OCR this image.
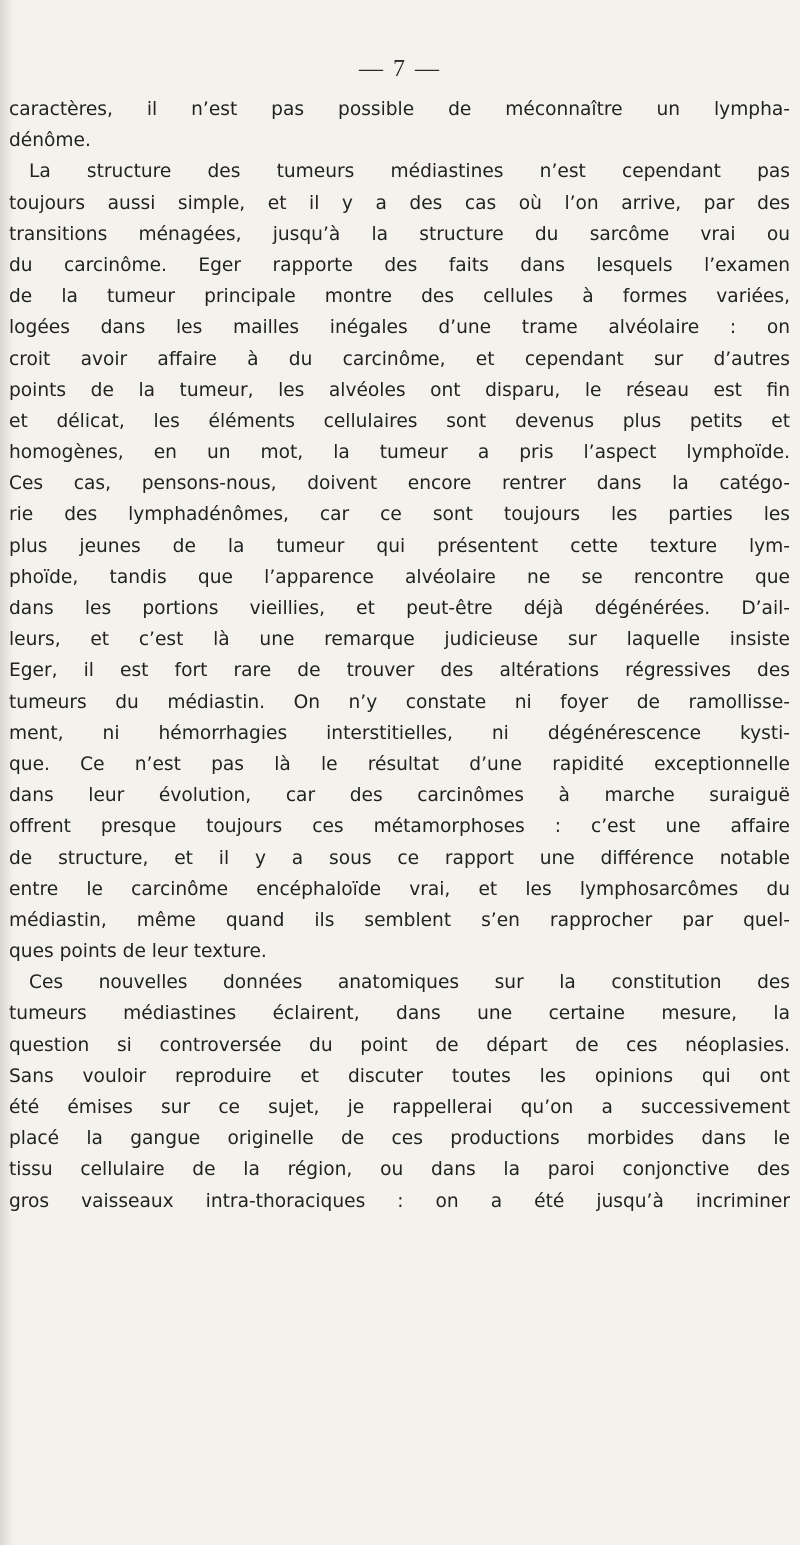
— 7 —
caractères, il n’est pas possible de méconnaître un lympha-
dénôme.
La structure des tumeurs médiastines n’est cependant pas
toujours aussi simple, et il y a des cas où l’on arrive, par des
transitions ménagées, jusqu’à la structure du sarcôme vrai ou
du carcinôme. Eger rapporte des faits dans lesquels l’examen
de la tumeur principale montre des cellules à formes variées,
logées dans les mailles inégales d’une trame alvéolaire : on
croit avoir affaire à du carcinôme, et cependant sur d’autres
points de la tumeur, les alvéoles ont disparu, le réseau est fin
et délicat, les éléments cellulaires sont devenus plus petits et
homogènes, en un mot, la tumeur a pris l’aspect lymphoïde.
Ces cas, pensons-nous, doivent encore rentrer dans la catégo-
rie des lymphadénômes, car ce sont toujours les parties les
plus jeunes de la tumeur qui présentent cette texture lym-
phoïde, tandis que l’apparence alvéolaire ne se rencontre que
dans les portions vieillies, et peut-être déjà dégénérées. D’ail-
leurs, et c’est là une remarque judicieuse sur laquelle insiste
Eger, il est fort rare de trouver des altérations régressives des
tumeurs du médiastin. On n’y constate ni foyer de ramollisse-
ment, ni hémorrhagies interstitielles, ni dégénérescence kysti-
que. Ce n’est pas là le résultat d’une rapidité exceptionnelle
dans leur évolution, car des carcinômes à marche suraiguë
offrent presque toujours ces métamorphoses : c’est une affaire
de structure, et il y a sous ce rapport une différence notable
entre le carcinôme encéphaloïde vrai, et les lymphosarcômes du
médiastin, même quand ils semblent s’en rapprocher par quel-
ques points de leur texture.
Ces nouvelles données anatomiques sur la constitution des
tumeurs médiastines éclairent, dans une certaine mesure, la
question si controversée du point de départ de ces néoplasies.
Sans vouloir reproduire et discuter toutes les opinions qui ont
été émises sur ce sujet, je rappellerai qu’on a successivement
placé la gangue originelle de ces productions morbides dans le
tissu cellulaire de la région, ou dans la paroi conjonctive des
gros vaisseaux intra-thoraciques : on a été jusqu’à incriminer
